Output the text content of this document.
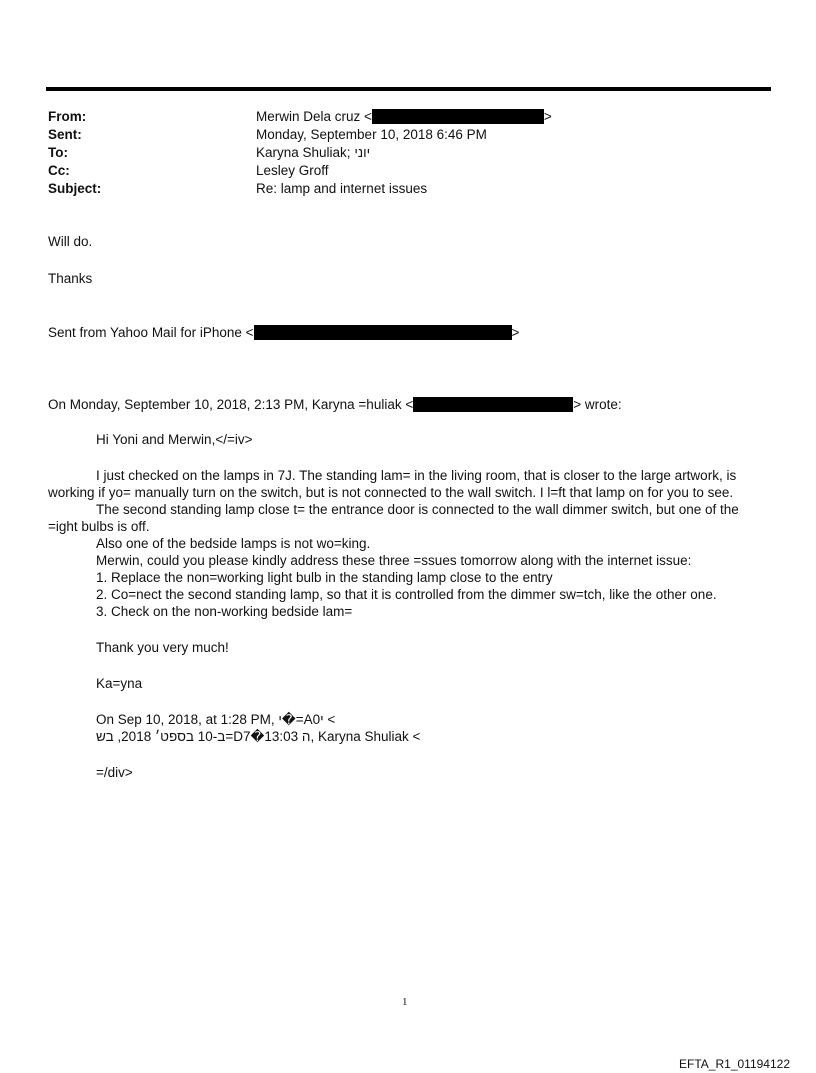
From:	Merwin Dela cruz <	>
Sent:	Monday, September 10, 2018 6:46 PM
To:	Karyna Shuliak; יוני
Cc:	Lesley Groff
Subject:	Re: lamp and internet issues
Will do.
Thanks
Sent from Yahoo Mail for iPhone <	>
On Monday, September 10, 2018, 2:13 PM, Karyna =huliak <	> wrote:
Hi Yoni and Merwin,</=iv>

I just checked on the lamps in 7J. The standing lam= in the living room, that is closer to the large artwork, is working if yo= manually turn on the switch, but is not connected to the wall switch. I l=ft that lamp on for you to see.

The second standing lamp close t= the entrance door is connected to the wall dimmer switch, but one of the =ight bulbs is off.

Also one of the bedside lamps is not wo=king.
Merwin, could you please kindly address these three =ssues tomorrow along with the internet issue:
1. Replace the non=working light bulb in the standing lamp close to the entry
2. Co=nect the second standing lamp, so that it is controlled from the dimmer sw=tch, like the other one.
3. Check on the non-working bedside lam=
Thank you very much!
Ka=yna
On Sep 10, 2018, at 1:28 PM, י�=A0י <
ב-10 בספט׳ 2018, בש=D7�ה 13:03, Karyna Shuliak <
=/div>
1
EFTA_R1_01194122
